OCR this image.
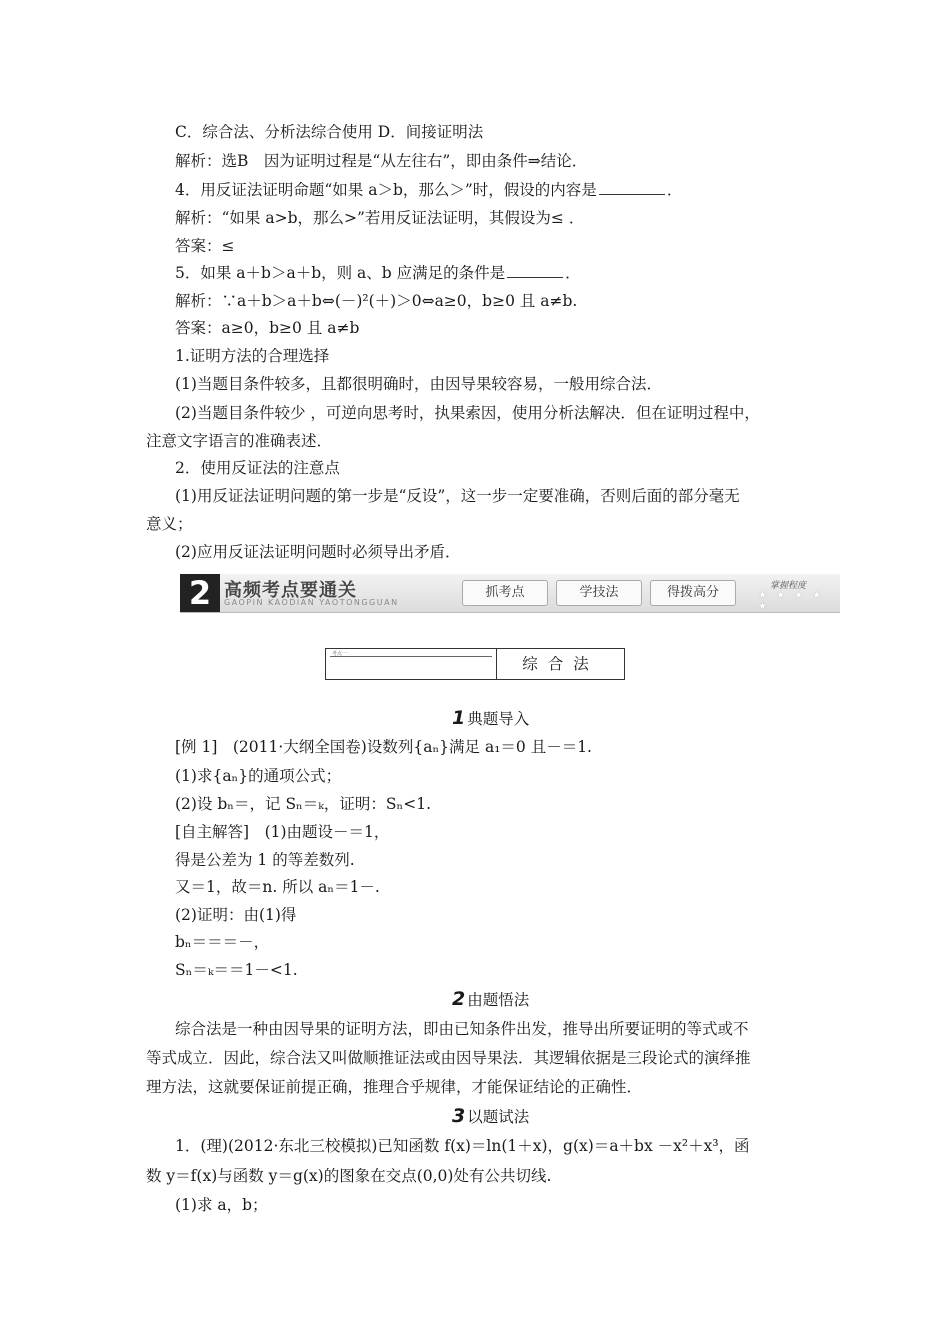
C．综合法、分析法综合使用 D．间接证明法
解析：选B　因为证明过程是“从左往右”，即由条件⇒结论．
4．用反证法证明命题“如果 a＞b，那么＞”时，假设的内容是	．
解析：“如果 a>b，那么>”若用反证法证明，其假设为≤ ．
答案：≤
5．如果 a＋b＞a＋b，则 a、b 应满足的条件是	．
解析：∵a＋b＞a＋b⇔(－)²(＋)＞0⇔a≥0，b≥0 且 a≠b.
答案：a≥0，b≥0 且 a≠b
1.证明方法的合理选择
(1)当题目条件较多，且都很明确时，由因导果较容易，一般用综合法．
(2)当题目条件较少 ，可逆向思考时，执果索因，使用分析法解决．但在证明过程中，
注意文字语言的准确表述．
2．使用反证法的注意点
(1)用反证法证明问题的第一步是“反设”，这一步一定要准确，否则后面的部分毫无
意义；
(2)应用反证法证明问题时必须导出矛盾．
2 高频考点要通关
GAOPIN KAODIAN YAOTONGGUAN
抓考点	学技法	得拨高分	掌握程度
★ ★ ★ ★ ★
考点一
综合法
1 典题导入
[例 1]　(2011·大纲全国卷)设数列{aₙ}满足 a₁＝0 且－＝1.
(1)求{aₙ}的通项公式；
(2)设 bₙ＝，记 Sₙ＝ₖ，证明：Sₙ<1.
[自主解答]　(1)由题设－＝1，
得是公差为 1 的等差数列.
又＝1，故＝n. 所以 aₙ＝1－.
(2)证明：由(1)得
bₙ＝＝＝－，
Sₙ＝ₖ＝＝1－<1.
2 由题悟法
综合法是一种由因导果的证明方法，即由已知条件出发，推导出所要证明的等式或不
等式成立．因此，综合法又叫做顺推证法或由因导果法．其逻辑依据是三段论式的演绎推
理方法，这就要保证前提正确，推理合乎规律，才能保证结论的正确性．
3 以题试法
1．(理)(2012·东北三校模拟)已知函数 f(x)＝ln(1＋x)，g(x)＝a＋bx －x²＋x³，函
数 y＝f(x)与函数 y＝g(x)的图象在交点(0,0)处有公共切线.
(1)求 a，b；
